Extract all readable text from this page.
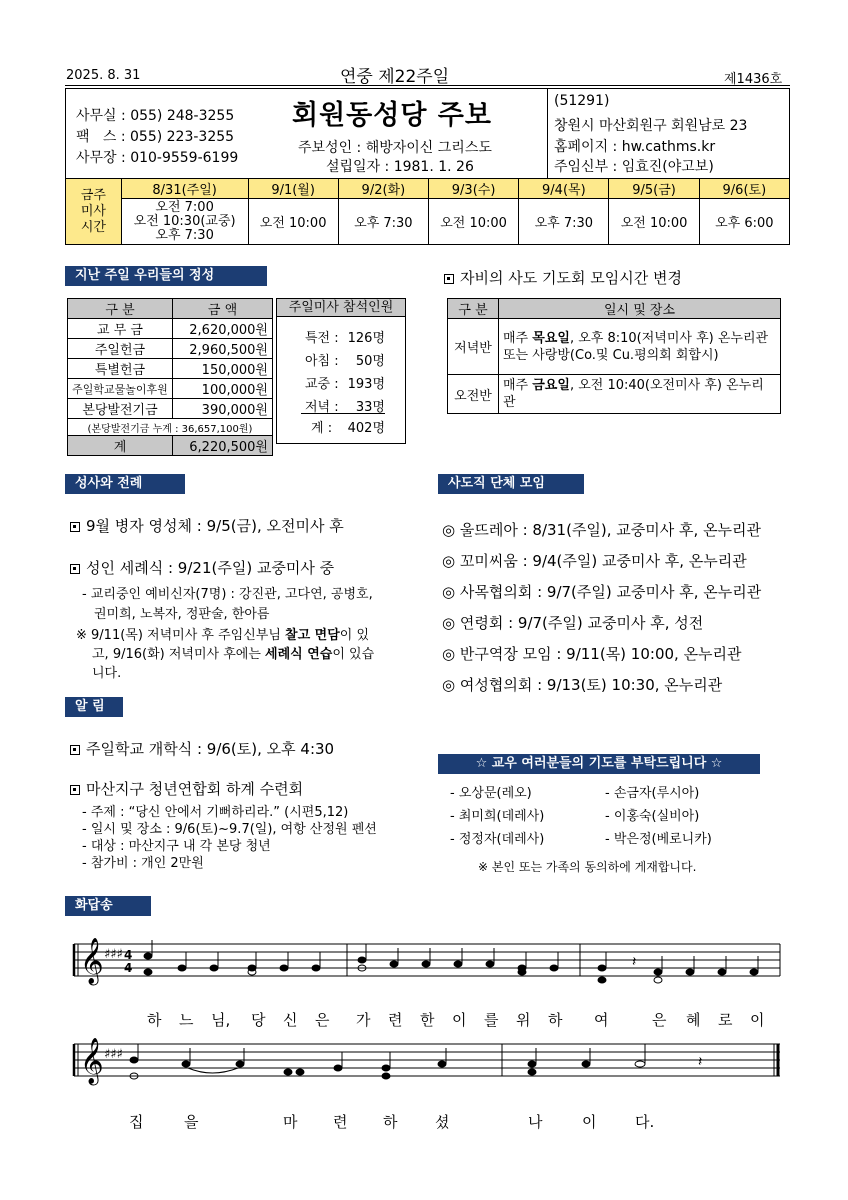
2025. 8. 31	연중 제22주일	제1436호
사무실 : 055) 248-3255
팩   스 : 055) 223-3255
사무장 : 010-9559-6199
회원동성당 주보
주보성인 : 해방자이신 그리스도
설립일자 : 1981. 1. 26
(51291)
창원시 마산회원구 회원남로 23
홈페이지 : hw.cathms.kr
주임신부 : 임효진(야고보)
금주 미사 시간	8/31(주일)	9/1(월)	9/2(화)	9/3(수)	9/4(목)	9/5(금)	9/6(토)
	오전 7:00
오전 10:30(교중)
오후 7:30	오전 10:00	오후 7:30	오전 10:00	오후 7:30	오전 10:00	오후 6:00
지난 주일 우리들의 정성
구 분	금 액
교 무 금	2,620,000원
주일헌금	2,960,500원
특별헌금	150,000원
주일학교물놀이후원	100,000원
본당발전기금	390,000원
(본당발전기금 누계 : 36,657,100원)	
계	6,220,500원
주일미사 참석인원
특전 : 126명
아침 : 50명
교중 : 193명
저녁 : 33명
계 : 402명
자비의 사도 기도회 모임시간 변경
구 분	일시 및 장소
저녁반	매주 목요일, 오후 8:10(저녁미사 후) 온누리관 또는 사랑방(Co.및 Cu.평의회 회합시)
오전반	매주 금요일, 오전 10:40(오전미사 후) 온누리관
성사와 전례
9월 병자 영성체 : 9/5(금), 오전미사 후
성인 세례식 : 9/21(주일) 교중미사 중
- 교리중인 예비신자(7명) : 강진관, 고다연, 공병호,
권미희, 노복자, 정판술, 한아름
※ 9/11(목) 저녁미사 후 주임신부님 찰고 면담이 있
고, 9/16(화) 저녁미사 후에는 세례식 연습이 있습
니다.
알 림
주일학교 개학식 : 9/6(토), 오후 4:30
마산지구 청년연합회 하계 수련회
- 주제 : “당신 안에서 기뻐하리라.” (시편5,12)
- 일시 및 장소 : 9/6(토)~9.7(일), 여항 산정원 펜션
- 대상 : 마산지구 내 각 본당 청년
- 참가비 : 개인 2만원
사도직 단체 모임
◎ 울뜨레아 : 8/31(주일), 교중미사 후, 온누리관
◎ 꼬미씨움 : 9/4(주일) 교중미사 후, 온누리관
◎ 사목협의회 : 9/7(주일) 교중미사 후, 온누리관
◎ 연령회 : 9/7(주일) 교중미사 후, 성전
◎ 반구역장 모임 : 9/11(목) 10:00, 온누리관
◎ 여성협의회 : 9/13(토) 10:30, 온누리관
☆ 교우 여러분들의 기도를 부탁드립니다 ☆
- 오상문(레오)
- 최미희(데레사)
- 정정자(데레사)
- 손금자(루시아)
- 이홍숙(실비아)
- 박은정(베로니카)
※ 본인 또는 가족의 동의하에 게재합니다.
화답송
𝄞 ♯♯♯ 4
4	𝄽
𝄞 ♯♯♯	𝄽
하 느 님, 당 신 은 가 련 한 이 를 위 하 여	은 혜 로 이
집	을	마 련 하	셨	나	이	다.
